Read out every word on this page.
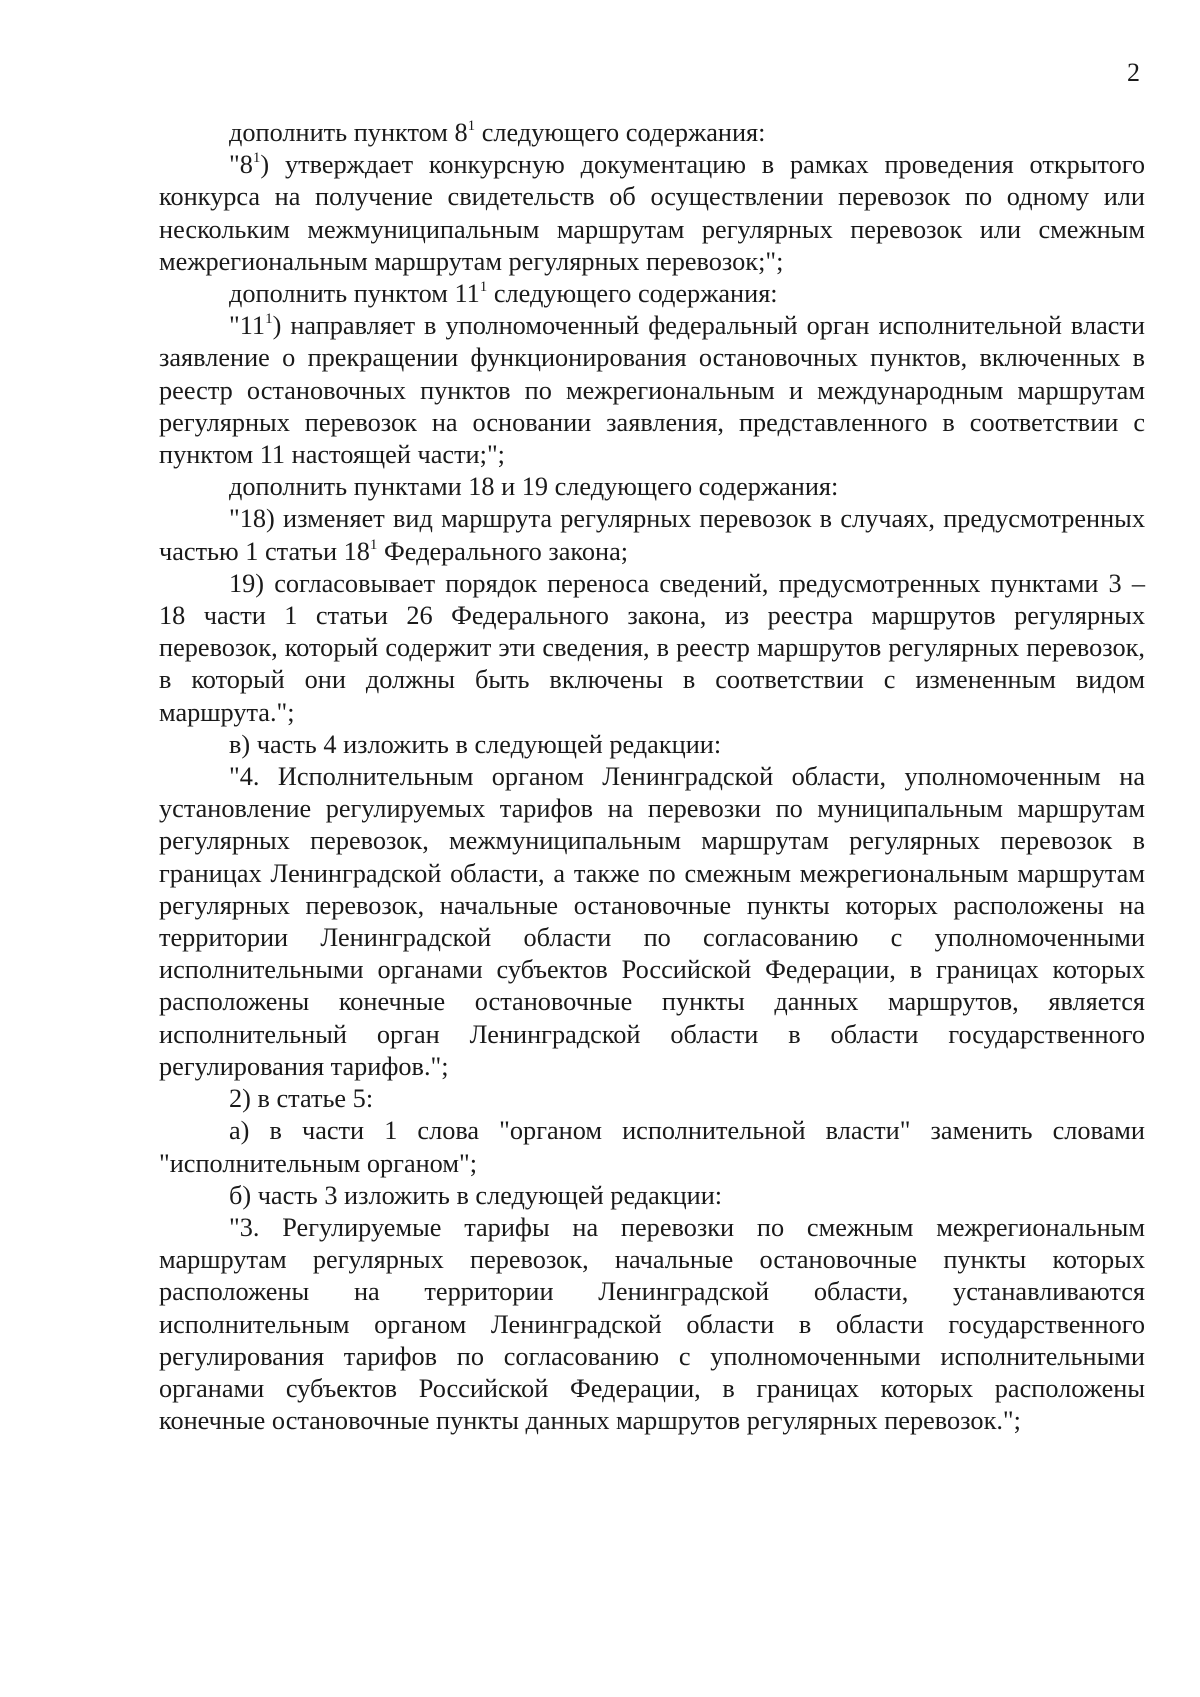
2

дополнить пунктом $8^1$ следующего содержания:

"$8^1$) утверждает конкурсную документацию в рамках проведения открытого конкурса на получение свидетельств об осуществлении перевозок по одному или нескольким межмуниципальным маршрутам регулярных перевозок или смежным межрегиональным маршрутам регулярных перевозок;";

дополнить пунктом $11^1$ следующего содержания:

"$11^1$) направляет в уполномоченный федеральный орган исполнительной власти заявление о прекращении функционирования остановочных пунктов, включенных в реестр остановочных пунктов по межрегиональным и международным маршрутам регулярных перевозок на основании заявления, представленного в соответствии с пунктом 11 настоящей части;";

дополнить пунктами 18 и 19 следующего содержания:

"18) изменяет вид маршрута регулярных перевозок в случаях, предусмотренных частью 1 статьи $18^1$ Федерального закона;

19) согласовывает порядок переноса сведений, предусмотренных пунктами 3 – 18 части 1 статьи 26 Федерального закона, из реестра маршрутов регулярных перевозок, который содержит эти сведения, в реестр маршрутов регулярных перевозок, в который они должны быть включены в соответствии с измененным видом маршрута.";

в) часть 4 изложить в следующей редакции:

"4. Исполнительным органом Ленинградской области, уполномоченным на установление регулируемых тарифов на перевозки по муниципальным маршрутам регулярных перевозок, межмуниципальным маршрутам регулярных перевозок в границах Ленинградской области, а также по смежным межрегиональным маршрутам регулярных перевозок, начальные остановочные пункты которых расположены на территории Ленинградской области по согласованию с уполномоченными исполнительными органами субъектов Российской Федерации, в границах которых расположены конечные остановочные пункты данных маршрутов, является исполнительный орган Ленинградской области в области государственного регулирования тарифов.";

2) в статье 5:

а) в части 1 слова "органом исполнительной власти" заменить словами "исполнительным органом";

б) часть 3 изложить в следующей редакции:

"3. Регулируемые тарифы на перевозки по смежным межрегиональным маршрутам регулярных перевозок, начальные остановочные пункты которых расположены на территории Ленинградской области, устанавливаются исполнительным органом Ленинградской области в области государственного регулирования тарифов по согласованию с уполномоченными исполнительными органами субъектов Российской Федерации, в границах которых расположены конечные остановочные пункты данных маршрутов регулярных перевозок.";
